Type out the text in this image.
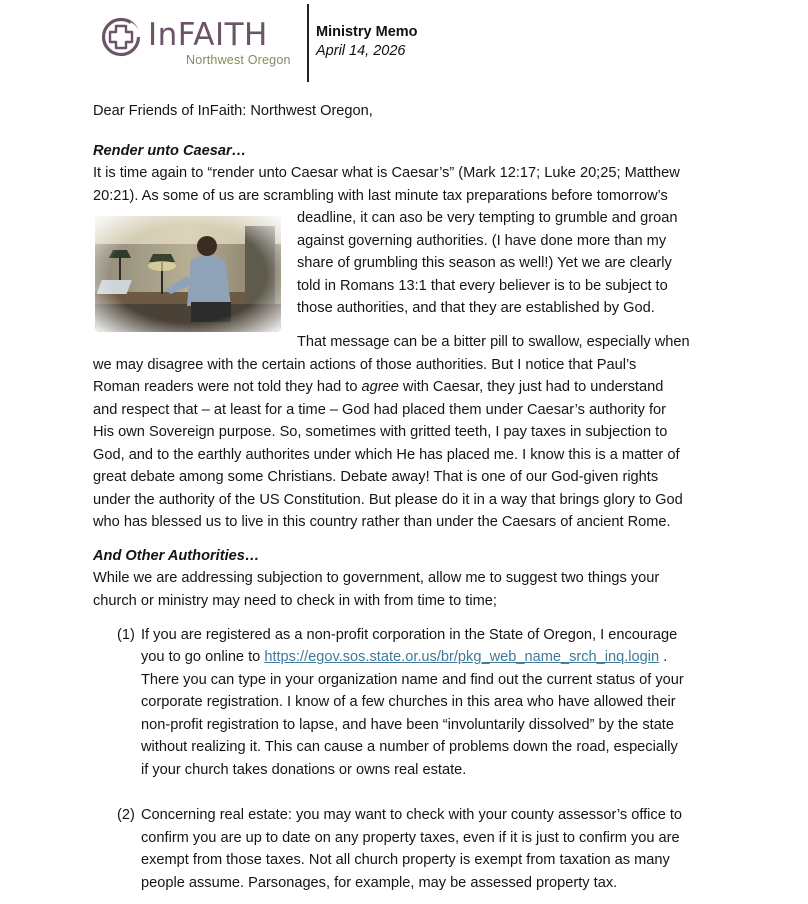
InFAITH
Northwest Oregon
Ministry Memo
April 14, 2026
Dear Friends of InFaith: Northwest Oregon,
Render unto Caesar…
It is time again to “render unto Caesar what is Caesar’s” (Mark 12:17; Luke 20;25; Matthew
20:21). As some of us are scrambling with last minute tax preparations before tomorrow’s
deadline, it can aso be very tempting to grumble and groan
against governing authorities. (I have done more than my
share of grumbling this season as well!) Yet we are clearly
told in Romans 13:1 that every believer is to be subject to
those authorities, and that they are established by God.
That message can be a bitter pill to swallow, especially when
we may disagree with the certain actions of those authorities. But I notice that Paul’s
Roman readers were not told they had to agree with Caesar, they just had to understand
and respect that – at least for a time – God had placed them under Caesar’s authority for
His own Sovereign purpose. So, sometimes with gritted teeth, I pay taxes in subjection to
God, and to the earthly authorites under which He has placed me. I know this is a matter of
great debate among some Christians. Debate away! That is one of our God-given rights
under the authority of the US Constitution. But please do it in a way that brings glory to God
who has blessed us to live in this country rather than under the Caesars of ancient Rome.
And Other Authorities…
While we are addressing subjection to government, allow me to suggest two things your
church or ministry may need to check in with from time to time;
(1) If you are registered as a non-profit corporation in the State of Oregon, I encourage
you to go online to https://egov.sos.state.or.us/br/pkg_web_name_srch_inq.login .
There you can type in your organization name and find out the current status of your
corporate registration. I know of a few churches in this area who have allowed their
non-profit registration to lapse, and have been “involuntarily dissolved” by the state
without realizing it. This can cause a number of problems down the road, especially
if your church takes donations or owns real estate.
(2) Concerning real estate: you may want to check with your county assessor’s office to
confirm you are up to date on any property taxes, even if it is just to confirm you are
exempt from those taxes. Not all church property is exempt from taxation as many
people assume. Parsonages, for example, may be assessed property tax.
